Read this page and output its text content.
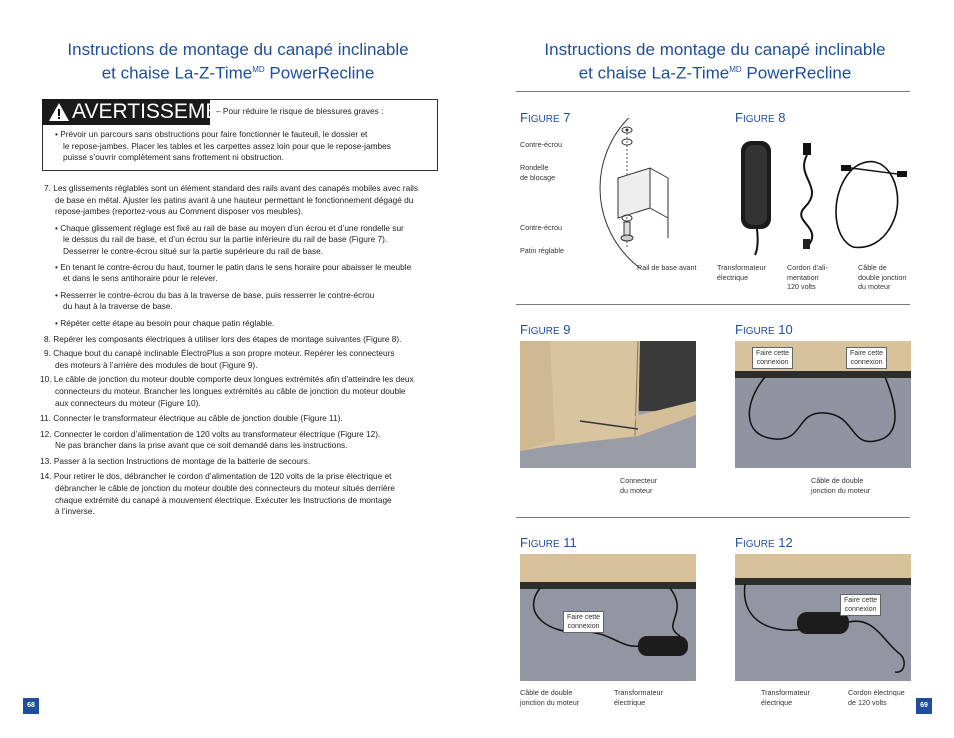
Instructions de montage du canapé inclinable
et chaise La-Z-Time$^{MD}$ PowerRecline
AVERTISSEMENT
– Pour réduire le risque de blessures graves :
• Prévoir un parcours sans obstructions pour faire fonctionner le fauteuil, le dossier et
le repose-jambes. Placer les tables et les carpettes assez loin pour que le repose-jambes
puisse s’ouvrir complètement sans frottement ni obstruction.
7. Les glissements réglables sont un élément standard des rails avant des canapés mobiles avec rails
de base en métal. Ajuster les patins avant à une hauteur permettant le fonctionnement dégagé du
repose-jambes (reportez-vous au Comment disposer vos meubles).
• Chaque glissement réglage est fixé au rail de base au moyen d’un écrou et d’une rondelle sur
le dessus du rail de base, et d’un écrou sur la partie inférieure du rail de base (Figure 7).
Desserrer le contre-écrou situé sur la partie supérieure du rail de base.
• En tenant le contre-écrou du haut, tourner le patin dans le sens horaire pour abaisser le meuble
et dans le sens antihoraire pour le relever.
• Resserrer le contre-écrou du bas à la traverse de base, puis resserrer le contre-écrou
du haut à la traverse de base.
• Répéter cette étape au besoin pour chaque patin réglable.
8. Repérer les composants électriques à utiliser lors des étapes de montage suivantes (Figure 8).
9. Chaque bout du canapé inclinable ÉlectroPlus a son propre moteur. Repérer les connecteurs
des moteurs à l’arrière des modules de bout (Figure 9).
10. Le câble de jonction du moteur double comporte deux longues extrémités afin d’atteindre les deux
connecteurs du moteur. Brancher les longues extrémités au câble de jonction du moteur double
aux connecteurs du moteur (Figure 10).
11. Connecter le transformateur électrique au câble de jonction double (Figure 11).
12. Connecter le cordon d’alimentation de 120 volts au transformateur électrique (Figure 12).
Ne pas brancher dans la prise avant que ce soit demandé dans les instructions.
13. Passer à la section Instructions de montage de la batterie de secours.
14. Pour retirer le dos, débrancher le cordon d’alimentation de 120 volts de la prise électrique et
débrancher le câble de jonction du moteur double des connecteurs du moteur situés derrière
chaque extrémité du canapé à mouvement électrique. Exécuter les Instructions de montage
à l’inverse.
68
Instructions de montage du canapé inclinable
et chaise La-Z-Time$^{MD}$ PowerRecline
FIGURE 7
Contre-écrou
Rondelle
de blocage
Contre-écrou
Patin réglable
Rail de base avant
FIGURE 8
Transformateur
électrique
Cordon d’ali-
mentation
120 volts
Câble de
double jonction
du moteur
FIGURE 9
Connecteur
du moteur
FIGURE 10
Faire cette
connexion
Faire cette
connexion
Câble de double
jonction du moteur
FIGURE 11
Faire cette
connexion
Câble de double
jonction du moteur
Transformateur
électrique
FIGURE 12
Faire cette
connexion
Transformateur
électrique
Cordon électrique
de 120 volts	69
